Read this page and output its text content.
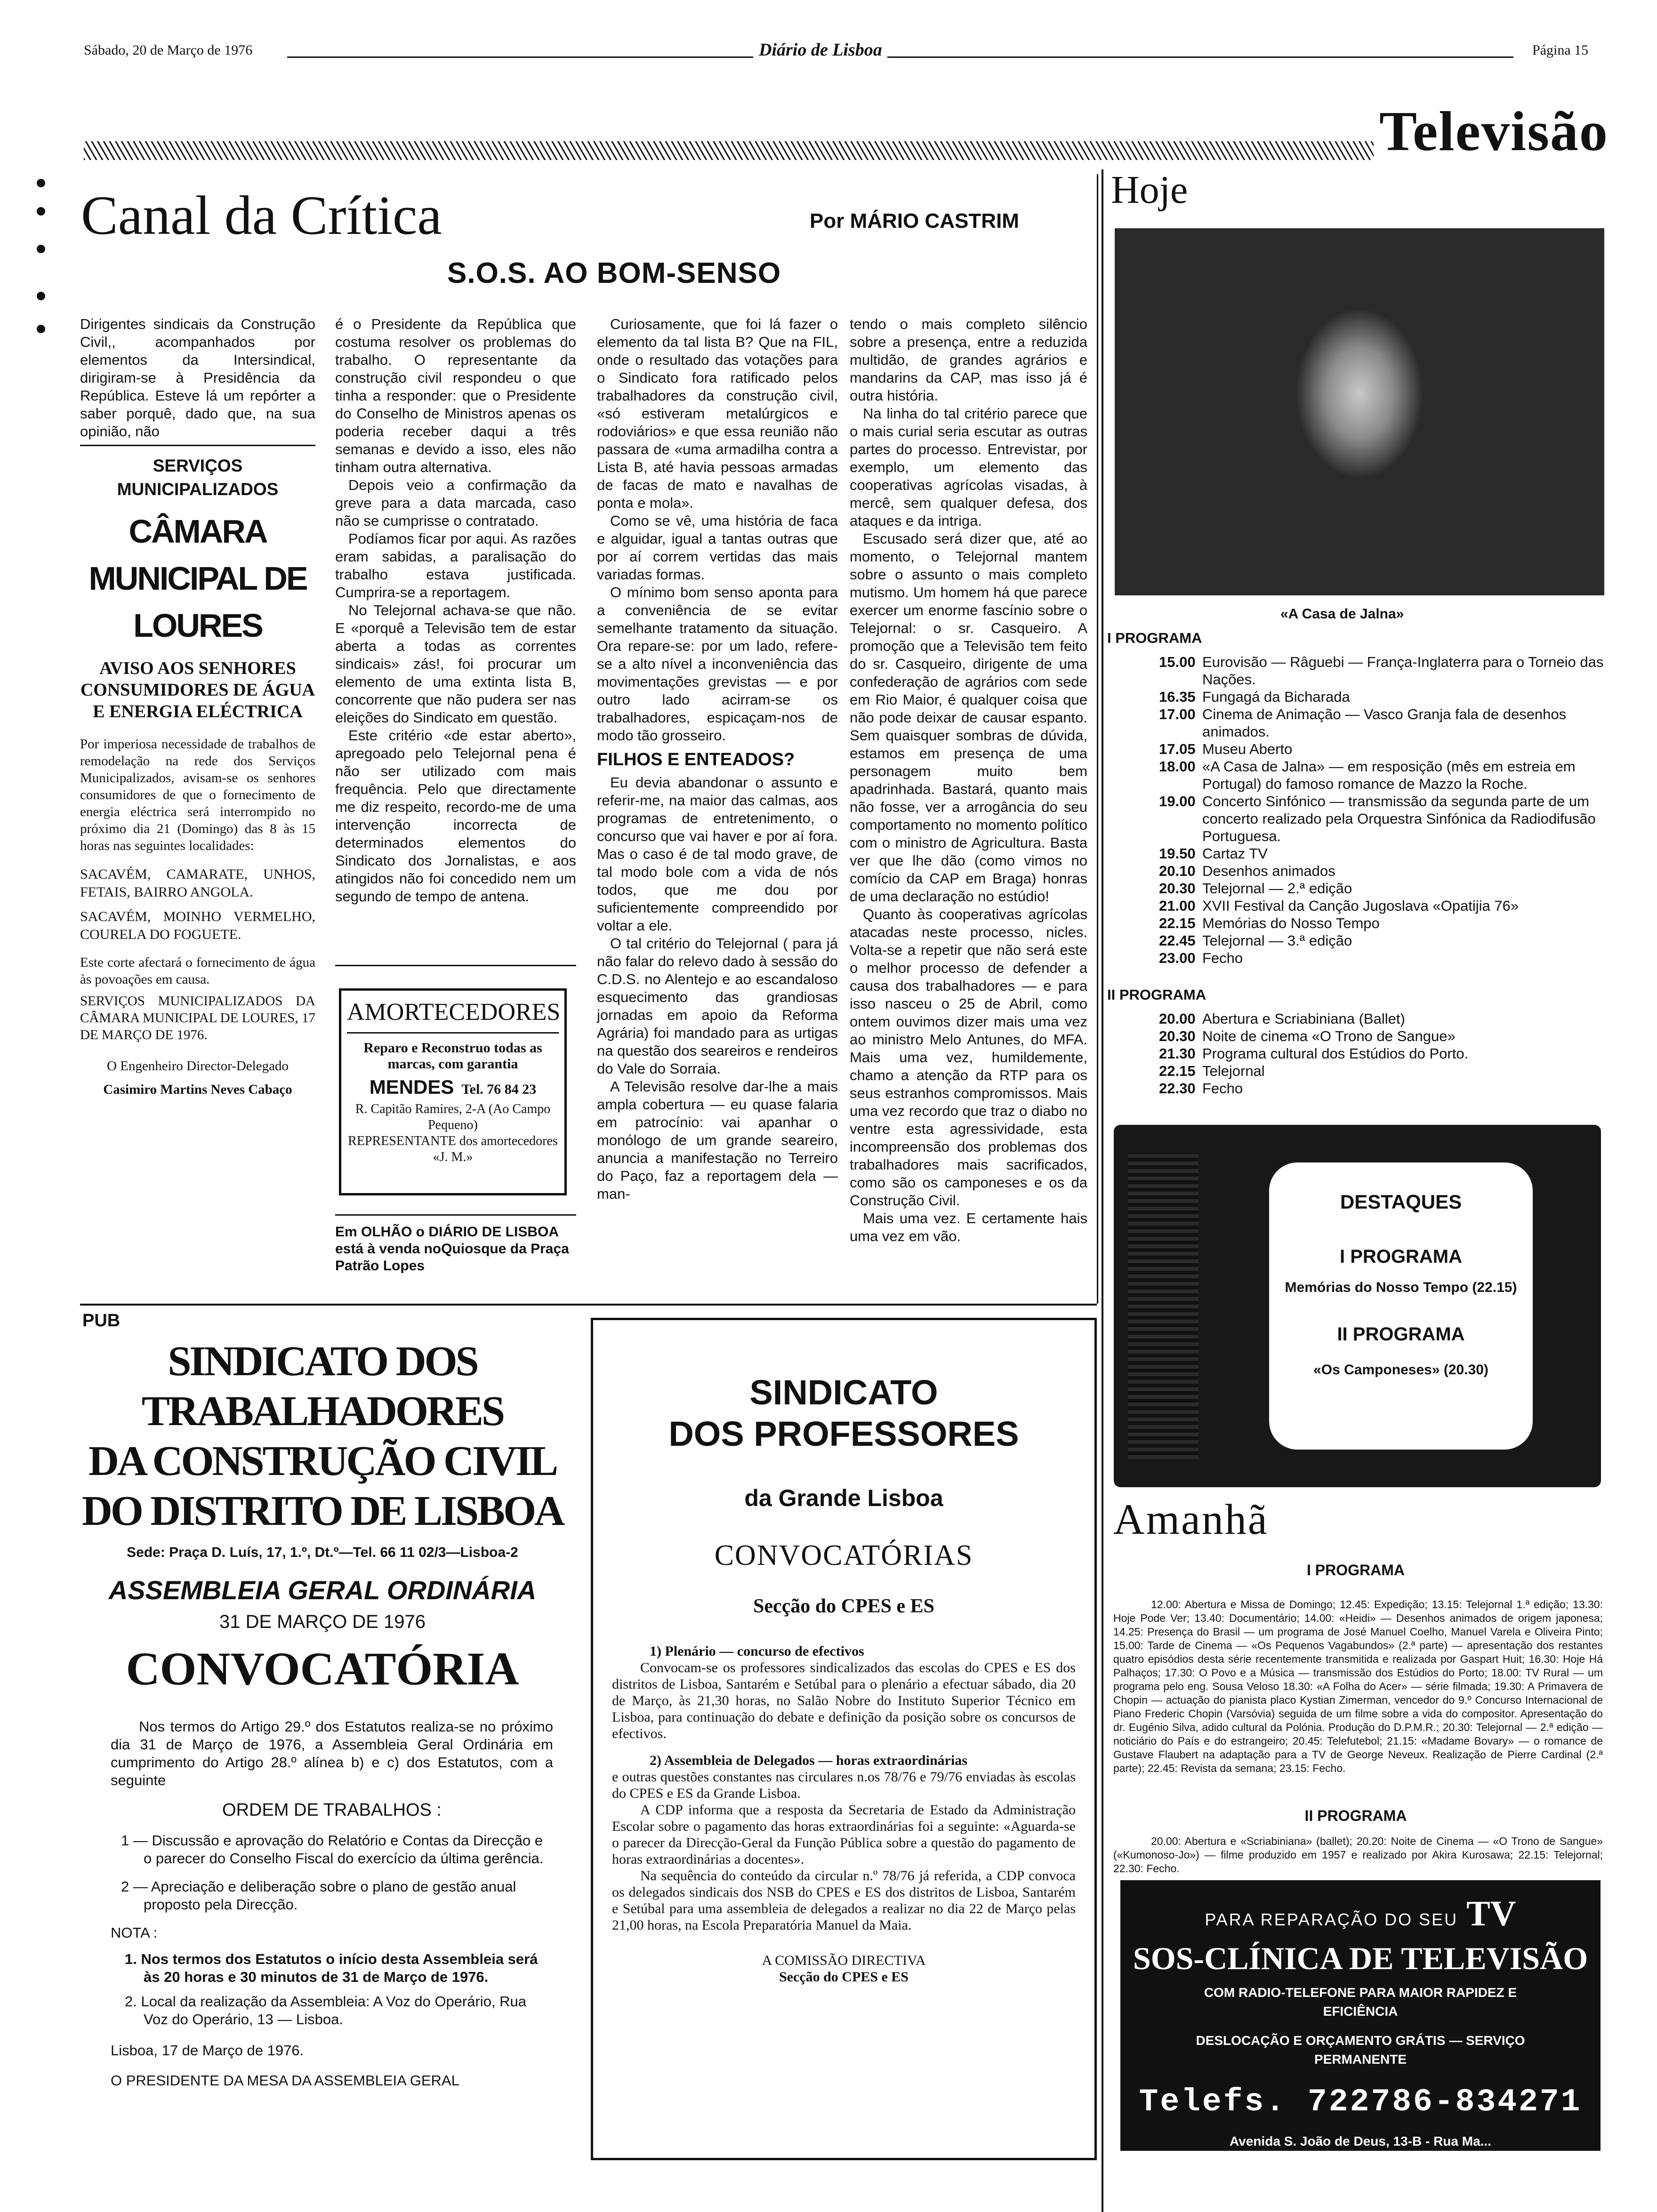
Sábado, 20 de Março de 1976	Diário de Lisboa	Página 15
Televisão
Canal da Crítica	Por MÁRIO CASTRIM
S.O.S. AO BOM-SENSO

Dirigentes sindicais da Construção Civil,, acompanhados por elementos da Intersindical, dirigiram-se à Presidência da República. Esteve lá um repórter a saber porquê, dado que, na sua opinião, não

SERVIÇOS MUNICIPALIZADOS
CÂMARA MUNICIPAL DE LOURES
AVISO AOS SENHORES CONSUMIDORES DE ÁGUA E ENERGIA ELÉCTRICA
Por imperiosa necessidade de trabalhos de remodelação na rede dos Serviços Municipalizados, avisam-se os senhores consumidores de que o fornecimento de energia eléctrica será interrompido no próximo dia 21 (Domingo) das 8 às 15 horas nas seguintes localidades:
SACAVÉM, CAMARATE, UNHOS, FETAIS, BAIRRO ANGOLA.
SACAVÉM, MOINHO VERMELHO, COURELA DO FOGUETE.
Este corte afectará o fornecimento de água às povoações em causa.
SERVIÇOS MUNICIPALIZADOS DA CÂMARA MUNICIPAL DE LOURES, 17 DE MARÇO DE 1976.
O Engenheiro Director-Delegado
Casimiro Martins Neves Cabaço

é o Presidente da República que costuma resolver os problemas do trabalho. O representante da construção civil respondeu o que tinha a responder: que o Presidente do Conselho de Ministros apenas os poderia receber daqui a três semanas e devido a isso, eles não tinham outra alternativa.

Depois veio a confirmação da greve para a data marcada, caso não se cumprisse o contratado.

Podíamos ficar por aqui. As razões eram sabidas, a paralisação do trabalho estava justificada. Cumprira-se a reportagem.

No Telejornal achava-se que não. E «porquê a Televisão tem de estar aberta a todas as correntes sindicais» zás!, foi procurar um elemento de uma extinta lista B, concorrente que não pudera ser nas eleições do Sindicato em questão.

Este critério «de estar aberto», apregoado pelo Telejornal pena é não ser utilizado com mais frequência. Pelo que directamente me diz respeito, recordo-me de uma intervenção incorrecta de determinados elementos do Sindicato dos Jornalistas, e aos atingidos não foi concedido nem um segundo de tempo de antena.

AMORTECEDORES
Reparo e Reconstruo todas as marcas, com garantia
MENDES Tel. 76 84 23
R. Capitão Ramires, 2-A (Ao Campo Pequeno)
REPRESENTANTE dos amortecedores «J. M.»
Em OLHÃO o DIÁRIO DE LISBOA está à venda noQuiosque da Praça Patrão Lopes

Curiosamente, que foi lá fazer o elemento da tal lista B? Que na FIL, onde o resultado das votações para o Sindicato fora ratificado pelos trabalhadores da construção civil, «só estiveram metalúrgicos e rodoviários» e que essa reunião não passara de «uma armadilha contra a Lista B, até havia pessoas armadas de facas de mato e navalhas de ponta e mola».

Como se vê, uma história de faca e alguidar, igual a tantas outras que por aí correm vertidas das mais variadas formas.

O mínimo bom senso aponta para a conveniência de se evitar semelhante tratamento da situação. Ora repare-se: por um lado, refere-se a alto nível a inconveniência das movimentações grevistas — e por outro lado acirram-se os trabalhadores, espicaçam-nos de modo tão grosseiro.

FILHOS E ENTEADOS?

Eu devia abandonar o assunto e referir-me, na maior das calmas, aos programas de entretenimento, o concurso que vai haver e por aí fora. Mas o caso é de tal modo grave, de tal modo bole com a vida de nós todos, que me dou por suficientemente compreendido por voltar a ele.

O tal critério do Telejornal ( para já não falar do relevo dado à sessão do C.D.S. no Alentejo e ao escandaloso esquecimento das grandiosas jornadas em apoio da Reforma Agrária) foi mandado para as urtigas na questão dos seareiros e rendeiros do Vale do Sorraia.

A Televisão resolve dar-lhe a mais ampla cobertura — eu quase falaria em patrocínio: vai apanhar o monólogo de um grande seareiro, anuncia a manifestação no Terreiro do Paço, faz a reportagem dela — man-

tendo o mais completo silêncio sobre a presença, entre a reduzida multidão, de grandes agrários e mandarins da CAP, mas isso já é outra história.

Na linha do tal critério parece que o mais curial seria escutar as outras partes do processo. Entrevistar, por exemplo, um elemento das cooperativas agrícolas visadas, à mercê, sem qualquer defesa, dos ataques e da intriga.

Escusado será dizer que, até ao momento, o Telejornal mantem sobre o assunto o mais completo mutismo. Um homem há que parece exercer um enorme fascínio sobre o Telejornal: o sr. Casqueiro. A promoção que a Televisão tem feito do sr. Casqueiro, dirigente de uma confederação de agrários com sede em Rio Maior, é qualquer coisa que não pode deixar de causar espanto. Sem quaisquer sombras de dúvida, estamos em presença de uma personagem muito bem apadrinhada. Bastará, quanto mais não fosse, ver a arrogância do seu comportamento no momento político com o ministro de Agricultura. Basta ver que lhe dão (como vimos no comício da CAP em Braga) honras de uma declaração no estúdio!

Quanto às cooperativas agrícolas atacadas neste processo, nicles. Volta-se a repetir que não será este o melhor processo de defender a causa dos trabalhadores — e para isso nasceu o 25 de Abril, como ontem ouvimos dizer mais uma vez ao ministro Melo Antunes, do MFA. Mais uma vez, humildemente, chamo a atenção da RTP para os seus estranhos compromissos. Mais uma vez recordo que traz o diabo no ventre esta agressividade, esta incompreensão dos problemas dos trabalhadores mais sacrificados, como são os camponeses e os da Construção Civil.

Mais uma vez. E certamente hais uma vez em vão.

PUB
SINDICATO DOS TRABALHADORES
DA CONSTRUÇÃO CIVIL
DO DISTRITO DE LISBOA
Sede: Praça D. Luís, 17, 1.º, Dt.º—Tel. 66 11 02/3—Lisboa-2
ASSEMBLEIA GERAL ORDINÁRIA
31 DE MARÇO DE 1976
CONVOCATÓRIA
Nos termos do Artigo 29.º dos Estatutos realiza-se no próximo dia 31 de Março de 1976, a Assembleia Geral Ordinária em cumprimento do Artigo 28.º alínea b) e c) dos Estatutos, com a seguinte
ORDEM DE TRABALHOS :
1 — Discussão e aprovação do Relatório e Contas da Direcção e o parecer do Conselho Fiscal do exercício da última gerência.
2 — Apreciação e deliberação sobre o plano de gestão anual proposto pela Direcção.
NOTA :
1. Nos termos dos Estatutos o início desta Assembleia será às 20 horas e 30 minutos de 31 de Março de 1976.
2. Local da realização da Assembleia: A Voz do Operário, Rua Voz do Operário, 13 — Lisboa.
Lisboa, 17 de Março de 1976.
O PRESIDENTE DA MESA DA ASSEMBLEIA GERAL
SINDICATO
DOS PROFESSORES
da Grande Lisboa
CONVOCATÓRIAS
Secção do CPES e ES
1) Plenário — concurso de efectivos
Convocam-se os professores sindicalizados das escolas do CPES e ES dos distritos de Lisboa, Santarém e Setúbal para o plenário a efectuar sábado, dia 20 de Março, às 21,30 horas, no Salão Nobre do Instituto Superior Técnico em Lisboa, para continuação do debate e definição da posição sobre os concursos de efectivos.
2) Assembleia de Delegados — horas extraordinárias
e outras questões constantes nas circulares n.os 78/76 e 79/76 enviadas às escolas do CPES e ES da Grande Lisboa.
A CDP informa que a resposta da Secretaria de Estado da Administração Escolar sobre o pagamento das horas extraordinárias foi a seguinte: «Aguarda-se o parecer da Direcção-Geral da Função Pública sobre a questão do pagamento de horas extraordinárias a docentes».
Na sequência do conteúdo da circular n.º 78/76 já referida, a CDP convoca os delegados sindicais dos NSB do CPES e ES dos distritos de Lisboa, Santarém e Setúbal para uma assembleia de delegados a realizar no dia 22 de Março pelas 21,00 horas, na Escola Preparatória Manuel da Maia.
A COMISSÃO DIRECTIVA
Secção do CPES e ES
Hoje
«A Casa de Jalna»
I PROGRAMA
15.00 Eurovisão — Râguebi — França-Inglaterra para o Torneio das Nações.
16.35 Fungagá da Bicharada
17.00 Cinema de Animação — Vasco Granja fala de desenhos animados.
17.05 Museu Aberto
18.00 «A Casa de Jalna» — em resposição (mês em estreia em Portugal) do famoso romance de Mazzo la Roche.
19.00 Concerto Sinfónico — transmissão da segunda parte de um concerto realizado pela Orquestra Sinfónica da Radiodifusão Portuguesa.
19.50 Cartaz TV
20.10 Desenhos animados
20.30 Telejornal — 2.ª edição
21.00 XVII Festival da Canção Jugoslava «Opatijia 76»
22.15 Memórias do Nosso Tempo
22.45 Telejornal — 3.ª edição
23.00 Fecho
II PROGRAMA
20.00 Abertura e Scriabiniana (Ballet)
20.30 Noite de cinema «O Trono de Sangue»
21.30 Programa cultural dos Estúdios do Porto.
22.15 Telejornal
22.30 Fecho
DESTAQUES
I PROGRAMA
Memórias do Nosso Tempo (22.15)
II PROGRAMA
«Os Camponeses» (20.30)
Amanhã
I PROGRAMA
12.00: Abertura e Missa de Domingo; 12.45: Expedição; 13.15: Telejornal 1.ª edição; 13.30: Hoje Pode Ver; 13.40: Documentário; 14.00: «Heidi» — Desenhos animados de origem japonesa; 14.25: Presença do Brasil — um programa de José Manuel Coelho, Manuel Varela e Oliveira Pinto; 15.00: Tarde de Cinema — «Os Pequenos Vagabundos» (2.ª parte) — apresentação dos restantes quatro episódios desta série recentemente transmitida e realizada por Gaspart Huit; 16.30: Hoje Há Palhaços; 17.30: O Povo e a Música — transmissão dos Estúdios do Porto; 18.00: TV Rural — um programa pelo eng. Sousa Veloso 18.30: «A Folha do Acer» — série filmada; 19.30: A Primavera de Chopin — actuação do pianista placo Kystian Zimerman, vencedor do 9.º Concurso Internacional de Piano Frederic Chopin (Varsóvia) seguida de um filme sobre a vida do compositor. Apresentação do dr. Eugénio Silva, adido cultural da Polónia. Produção do D.P.M.R.; 20.30: Telejornal — 2.ª edição — noticiário do País e do estrangeiro; 20.45: Telefutebol; 21.15: «Madame Bovary» — o romance de Gustave Flaubert na adaptação para a TV de George Neveux. Realização de Pierre Cardinal (2.ª parte); 22.45: Revista da semana; 23.15: Fecho.
II PROGRAMA
20.00: Abertura e «Scriabiniana» (ballet); 20.20: Noite de Cinema — «O Trono de Sangue» («Kumonoso-Jo») — filme produzido em 1957 e realizado por Akira Kurosawa; 22.15: Telejornal; 22.30: Fecho.
PARA REPARAÇÃO DO SEU TV
SOS-CLÍNICA DE TELEVISÃO
COM RADIO-TELEFONE PARA MAIOR RAPIDEZ E EFICIÊNCIA
DESLOCAÇÃO E ORÇAMENTO GRÁTIS — SERVIÇO PERMANENTE
Telefs. 722786-834271
Avenida S. João de Deus, 13-B - Rua Ma...
